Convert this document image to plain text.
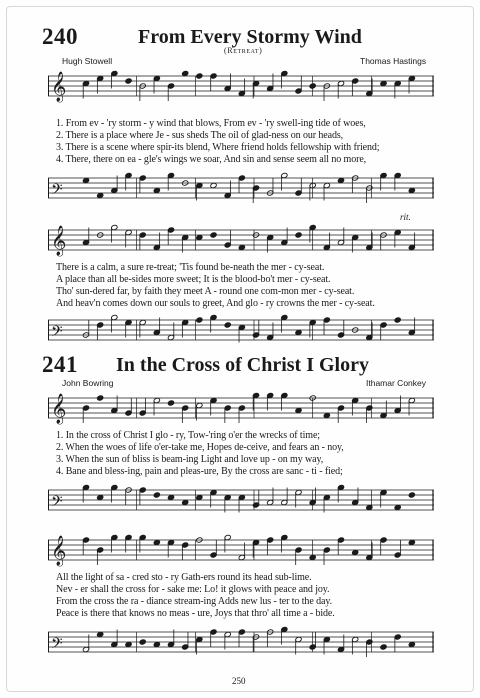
240	From Every Stormy Wind
(Retreat)
Hugh Stowell	Thomas Hastings
𝄞
1. From ev - 'ry storm - y wind that blows, From ev - 'ry swell-ing tide of woes,
2. There is a place where Je - sus sheds The oil of glad-ness on our heads,
3. There is a scene where spir-its blend, Where friend holds fellowship with friend;
4. There, there on ea - gle's wings we soar, And sin and sense seem all no more,
𝄢
rit.
𝄞
There is a calm, a sure re-treat; 'Tis found be-neath the mer - cy-seat.
A place than all be-sides more sweet; It is the blood-bo't mer - cy-seat.
Tho' sun-dered far, by faith they meet A - round one com-mon mer - cy-seat.
And heav'n comes down our souls to greet, And glo - ry crowns the mer - cy-seat.
𝄢
241 In the Cross of Christ I Glory
John Bowring	Ithamar Conkey
𝄞
1. In the cross of Christ I glo - ry, Tow-'ring o'er the wrecks of time;
2. When the woes of life o'er-take me, Hopes de-ceive, and fears an - noy,
3. When the sun of bliss is beam-ing Light and love up - on my way,
4. Bane and bless-ing, pain and pleas-ure, By the cross are sanc - ti - fied;
𝄢
𝄞
All the light of sa - cred sto - ry Gath-ers round its head sub-lime.
Nev - er shall the cross for - sake me: Lo! it glows with peace and joy.
From the cross the ra - diance stream-ing Adds new lus - ter to the day.
Peace is there that knows no meas - ure, Joys that thro' all time a - bide.
𝄢
250
